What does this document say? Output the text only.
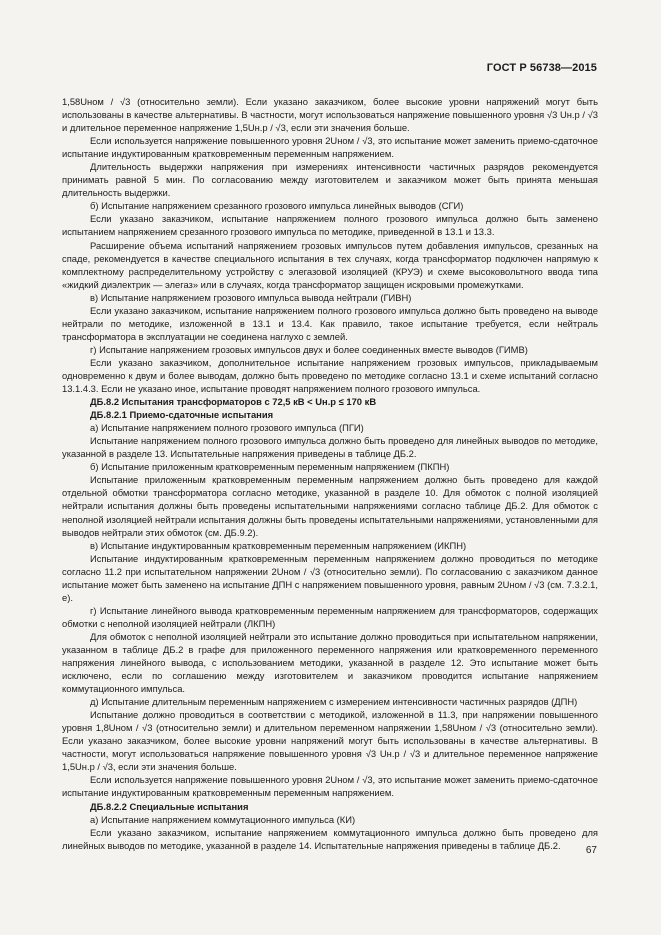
ГОСТ Р 56738—2015

1,58Uном / √3 (относительно земли). Если указано заказчиком, более высокие уровни напряжений могут быть использованы в качестве альтернативы. В частности, могут использоваться напряжение повышенного уровня √3 Uн.р / √3 и длительное переменное напряжение 1,5Uн.р / √3, если эти значения больше.

Если используется напряжение повышенного уровня 2Uном / √3, это испытание может заменить приемо-сдаточное испытание индуктированным кратковременным переменным напряжением.

Длительность выдержки напряжения при измерениях интенсивности частичных разрядов рекомендуется принимать равной 5 мин. По согласованию между изготовителем и заказчиком может быть принята меньшая длительность выдержки.

б) Испытание напряжением срезанного грозового импульса линейных выводов (СГИ)

Если указано заказчиком, испытание напряжением полного грозового импульса должно быть заменено испытанием напряжением срезанного грозового импульса по методике, приведенной в 13.1 и 13.3.

Расширение объема испытаний напряжением грозовых импульсов путем добавления импульсов, срезанных на спаде, рекомендуется в качестве специального испытания в тех случаях, когда трансформатор подключен напрямую к комплектному распределительному устройству с элегазовой изоляцией (КРУЭ) и схеме высоковольтного ввода типа «жидкий диэлектрик — элегаз» или в случаях, когда трансформатор защищен искровыми промежутками.

в) Испытание напряжением грозового импульса вывода нейтрали (ГИВН)

Если указано заказчиком, испытание напряжением полного грозового импульса должно быть проведено на выводе нейтрали по методике, изложенной в 13.1 и 13.4. Как правило, такое испытание требуется, если нейтраль трансформатора в эксплуатации не соединена наглухо с землей.

г) Испытание напряжением грозовых импульсов двух и более соединенных вместе выводов (ГИМВ)

Если указано заказчиком, дополнительное испытание напряжением грозовых импульсов, прикладываемым одновременно к двум и более выводам, должно быть проведено по методике согласно 13.1 и схеме испытаний согласно 13.1.4.3. Если не указано иное, испытание проводят напряжением полного грозового импульса.

ДБ.8.2 Испытания трансформаторов с 72,5 кВ < Uн.р ≤ 170 кВ

ДБ.8.2.1 Приемо-сдаточные испытания

а) Испытание напряжением полного грозового импульса (ПГИ)

Испытание напряжением полного грозового импульса должно быть проведено для линейных выводов по методике, указанной в разделе 13. Испытательные напряжения приведены в таблице ДБ.2.

б) Испытание приложенным кратковременным переменным напряжением (ПКПН)

Испытание приложенным кратковременным переменным напряжением должно быть проведено для каждой отдельной обмотки трансформатора согласно методике, указанной в разделе 10. Для обмоток с полной изоляцией нейтрали испытания должны быть проведены испытательными напряжениями согласно таблице ДБ.2. Для обмоток с неполной изоляцией нейтрали испытания должны быть проведены испытательными напряжениями, установленными для выводов нейтрали этих обмоток (см. ДБ.9.2).

в) Испытание индуктированным кратковременным переменным напряжением (ИКПН)

Испытание индуктированным кратковременным переменным напряжением должно проводиться по методике согласно 11.2 при испытательном напряжении 2Uном / √3 (относительно земли). По согласованию с заказчиком данное испытание может быть заменено на испытание ДПН с напряжением повышенного уровня, равным 2Uном / √3 (см. 7.3.2.1, е).

г) Испытание линейного вывода кратковременным переменным напряжением для трансформаторов, содержащих обмотки с неполной изоляцией нейтрали (ЛКПН)

Для обмоток с неполной изоляцией нейтрали это испытание должно проводиться при испытательном напряжении, указанном в таблице ДБ.2 в графе для приложенного переменного напряжения или кратковременного переменного напряжения линейного вывода, с использованием методики, указанной в разделе 12. Это испытание может быть исключено, если по соглашению между изготовителем и заказчиком проводится испытание напряжением коммутационного импульса.

д) Испытание длительным переменным напряжением с измерением интенсивности частичных разрядов (ДПН)

Испытание должно проводиться в соответствии с методикой, изложенной в 11.3, при напряжении повышенного уровня 1,8Uном / √3 (относительно земли) и длительном переменном напряжении 1,58Uном / √3 (относительно земли). Если указано заказчиком, более высокие уровни напряжений могут быть использованы в качестве альтернативы. В частности, могут использоваться напряжение повышенного уровня √3 Uн.р / √3 и длительное переменное напряжение 1,5Uн.р / √3, если эти значения больше.

Если используется напряжение повышенного уровня 2Uном / √3, это испытание может заменить приемо-сдаточное испытание индуктированным кратковременным переменным напряжением.

ДБ.8.2.2 Специальные испытания

а) Испытание напряжением коммутационного импульса (КИ)

Если указано заказчиком, испытание напряжением коммутационного импульса должно быть проведено для линейных выводов по методике, указанной в разделе 14. Испытательные напряжения приведены в таблице ДБ.2.	67
